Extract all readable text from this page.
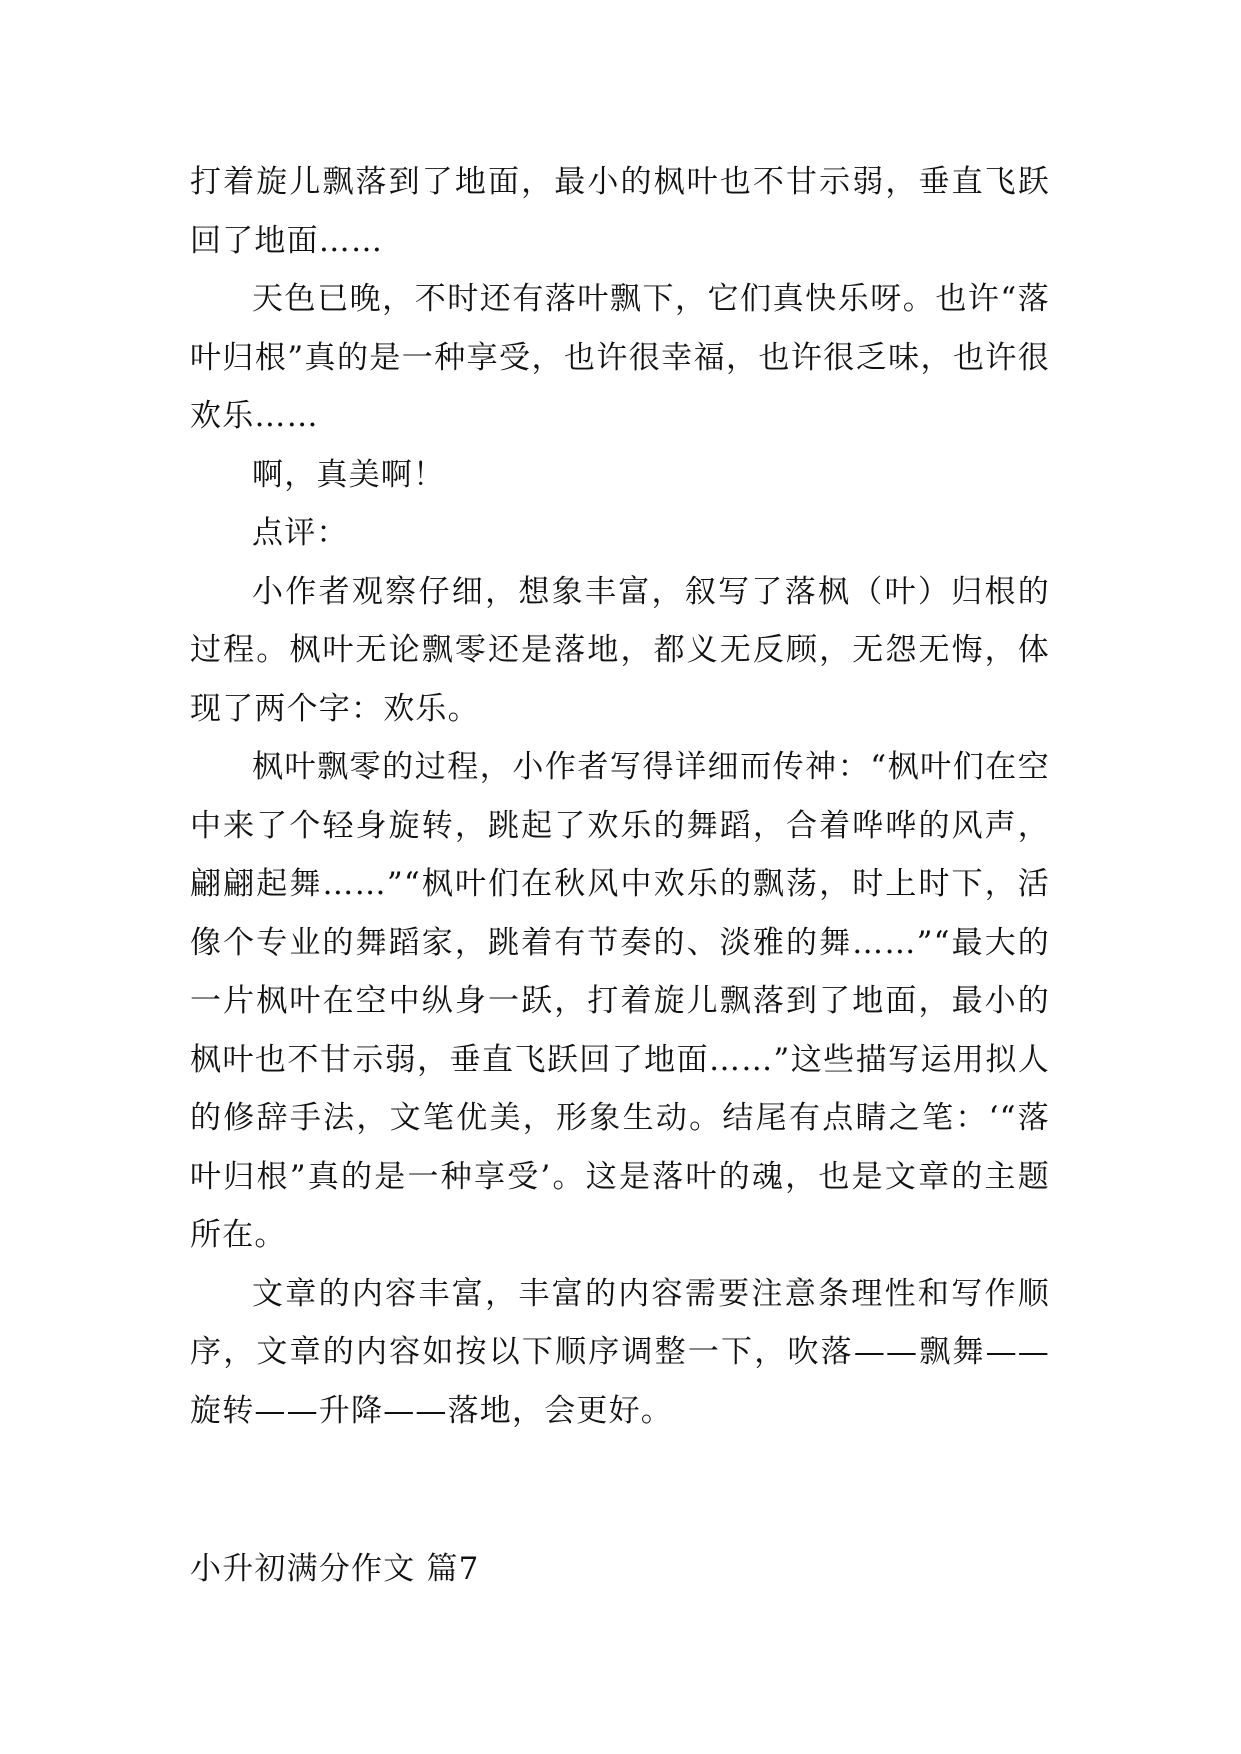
打着旋儿飘落到了地面，最小的枫叶也不甘示弱，垂直飞跃回了地面……

天色已晚，不时还有落叶飘下，它们真快乐呀。也许“落叶归根”真的是一种享受，也许很幸福，也许很乏味，也许很欢乐……

啊，真美啊！

点评：

小作者观察仔细，想象丰富，叙写了落枫（叶）归根的过程。枫叶无论飘零还是落地，都义无反顾，无怨无悔，体现了两个字：欢乐。

枫叶飘零的过程，小作者写得详细而传神：“枫叶们在空中来了个轻身旋转，跳起了欢乐的舞蹈，合着哗哗的风声，翩翩起舞……”“枫叶们在秋风中欢乐的飘荡，时上时下，活像个专业的舞蹈家，跳着有节奏的、淡雅的舞……”“最大的一片枫叶在空中纵身一跃，打着旋儿飘落到了地面，最小的枫叶也不甘示弱，垂直飞跃回了地面……”这些描写运用拟人的修辞手法，文笔优美，形象生动。结尾有点睛之笔：‘“落叶归根”真的是一种享受’。这是落叶的魂，也是文章的主题所在。

文章的内容丰富，丰富的内容需要注意条理性和写作顺序，文章的内容如按以下顺序调整一下，吹落——飘舞——旋转——升降——落地，会更好。

小升初满分作文 篇7
